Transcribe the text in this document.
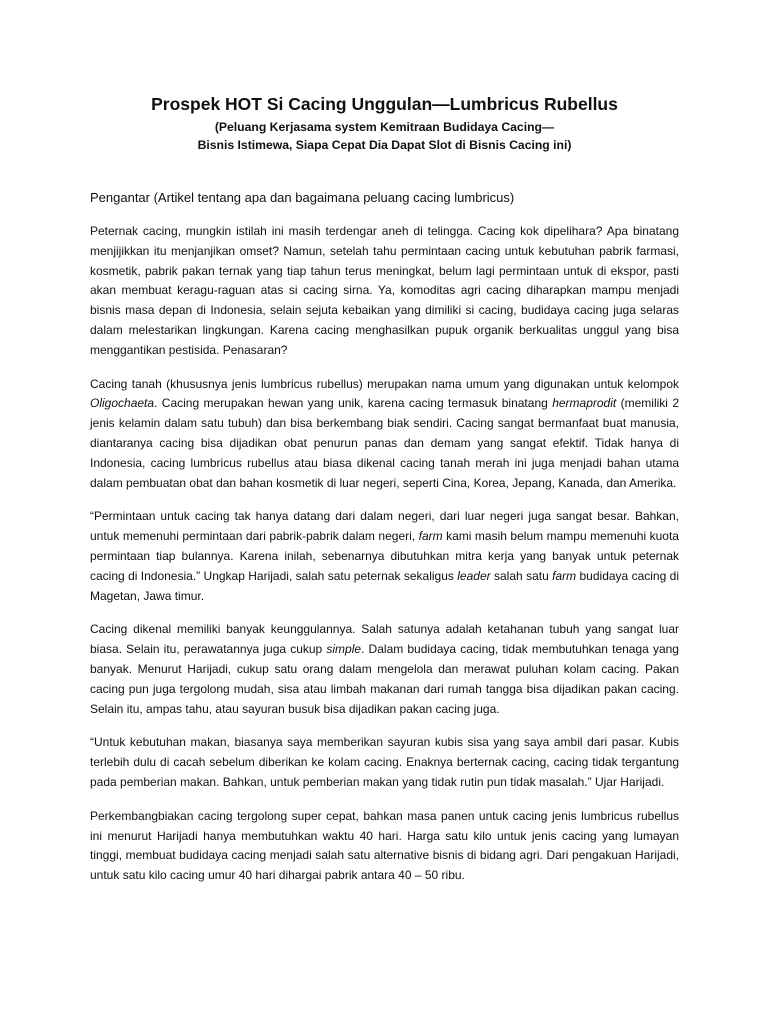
Prospek HOT Si Cacing Unggulan—Lumbricus Rubellus
(Peluang Kerjasama system Kemitraan Budidaya Cacing—
Bisnis Istimewa, Siapa Cepat Dia Dapat Slot di Bisnis Cacing ini)
Pengantar (Artikel tentang apa dan bagaimana peluang cacing lumbricus)

Peternak cacing, mungkin istilah ini masih terdengar aneh di telingga. Cacing kok dipelihara? Apa binatang menjijikkan itu menjanjikan omset? Namun, setelah tahu permintaan cacing untuk kebutuhan pabrik farmasi, kosmetik, pabrik pakan ternak yang tiap tahun terus meningkat, belum lagi permintaan untuk di ekspor, pasti akan membuat keragu-raguan atas si cacing sirna. Ya, komoditas agri cacing diharapkan mampu menjadi bisnis masa depan di Indonesia, selain sejuta kebaikan yang dimiliki si cacing, budidaya cacing juga selaras dalam melestarikan lingkungan. Karena cacing menghasilkan pupuk organik berkualitas unggul yang bisa menggantikan pestisida. Penasaran?

Cacing tanah (khususnya jenis lumbricus rubellus) merupakan nama umum yang digunakan untuk kelompok Oligochaeta. Cacing merupakan hewan yang unik, karena cacing termasuk binatang hermaprodit (memiliki 2 jenis kelamin dalam satu tubuh) dan bisa berkembang biak sendiri. Cacing sangat bermanfaat buat manusia, diantaranya cacing bisa dijadikan obat penurun panas dan demam yang sangat efektif. Tidak hanya di Indonesia, cacing lumbricus rubellus atau biasa dikenal cacing tanah merah ini juga menjadi bahan utama dalam pembuatan obat dan bahan kosmetik di luar negeri, seperti Cina, Korea, Jepang, Kanada, dan Amerika.

“Permintaan untuk cacing tak hanya datang dari dalam negeri, dari luar negeri juga sangat besar. Bahkan, untuk memenuhi permintaan dari pabrik-pabrik dalam negeri, farm kami masih belum mampu memenuhi kuota permintaan tiap bulannya. Karena inilah, sebenarnya dibutuhkan mitra kerja yang banyak untuk peternak cacing di Indonesia.” Ungkap Harijadi, salah satu peternak sekaligus leader salah satu farm budidaya cacing di Magetan, Jawa timur.

Cacing dikenal memiliki banyak keunggulannya. Salah satunya adalah ketahanan tubuh yang sangat luar biasa. Selain itu, perawatannya juga cukup simple. Dalam budidaya cacing, tidak membutuhkan tenaga yang banyak. Menurut Harijadi, cukup satu orang dalam mengelola dan merawat puluhan kolam cacing. Pakan cacing pun juga tergolong mudah, sisa atau limbah makanan dari rumah tangga bisa dijadikan pakan cacing. Selain itu, ampas tahu, atau sayuran busuk bisa dijadikan pakan cacing juga.

“Untuk kebutuhan makan, biasanya saya memberikan sayuran kubis sisa yang saya ambil dari pasar. Kubis terlebih dulu di cacah sebelum diberikan ke kolam cacing. Enaknya berternak cacing, cacing tidak tergantung pada pemberian makan. Bahkan, untuk pemberian makan yang tidak rutin pun tidak masalah.” Ujar Harijadi.

Perkembangbiakan cacing tergolong super cepat, bahkan masa panen untuk cacing jenis lumbricus rubellus ini menurut Harijadi hanya membutuhkan waktu 40 hari. Harga satu kilo untuk jenis cacing yang lumayan tinggi, membuat budidaya cacing menjadi salah satu alternative bisnis di bidang agri. Dari pengakuan Harijadi, untuk satu kilo cacing umur 40 hari dihargai pabrik antara 40 – 50 ribu.
